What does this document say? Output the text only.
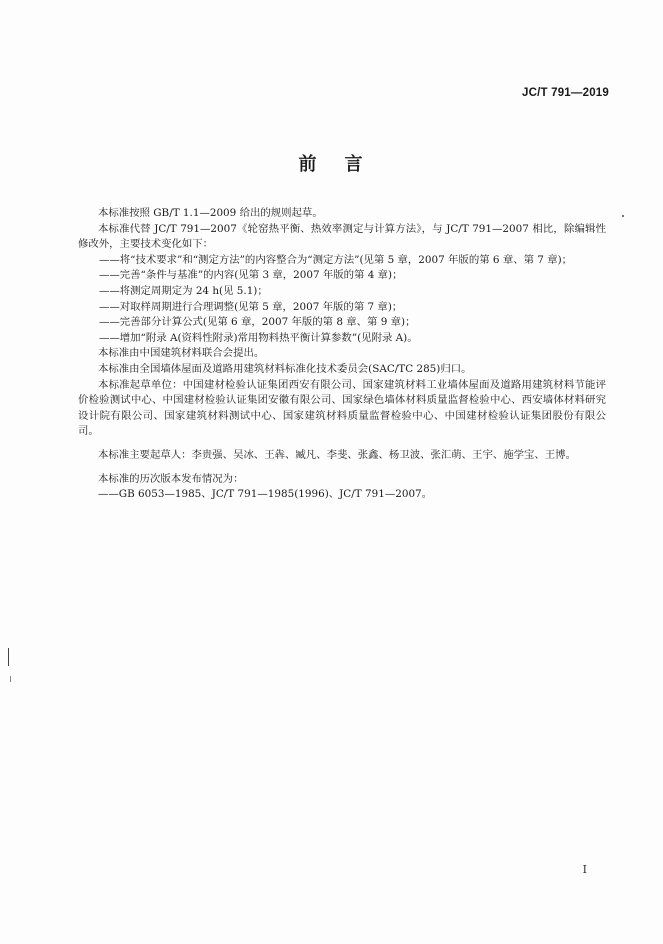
JC/T 791—2019
前 言

本标准按照 GB/T 1.1—2009 给出的规则起草。

本标准代替 JC/T 791—2007《轮窑热平衡、热效率测定与计算方法》，与 JC/T 791—2007 相比，除编辑性修改外，主要技术变化如下：

——将“技术要求”和“测定方法”的内容整合为“测定方法”(见第 5 章，2007 年版的第 6 章、第 7 章)；

——完善“条件与基准”的内容(见第 3 章，2007 年版的第 4 章)；

——将测定周期定为 24 h(见 5.1)；

——对取样周期进行合理调整(见第 5 章，2007 年版的第 7 章)；

——完善部分计算公式(见第 6 章，2007 年版的第 8 章、第 9 章)；

——增加“附录 A(资料性附录)常用物料热平衡计算参数”(见附录 A)。

本标准由中国建筑材料联合会提出。

本标准由全国墙体屋面及道路用建筑材料标准化技术委员会(SAC/TC 285)归口。

本标准起草单位：中国建材检验认证集团西安有限公司、国家建筑材料工业墙体屋面及道路用建筑材料节能评价检验测试中心、中国建材检验认证集团安徽有限公司、国家绿色墙体材料质量监督检验中心、西安墙体材料研究设计院有限公司、国家建筑材料测试中心、国家建筑材料质量监督检验中心、中国建材检验认证集团股份有限公司。

本标准主要起草人：李贵强、吴冰、王犇、臧凡、李斐、张鑫、杨卫波、张汇萌、王宇、施学宝、王博。

本标准的历次版本发布情况为：

——GB 6053—1985、JC/T 791—1985(1996)、JC/T 791—2007。

I
